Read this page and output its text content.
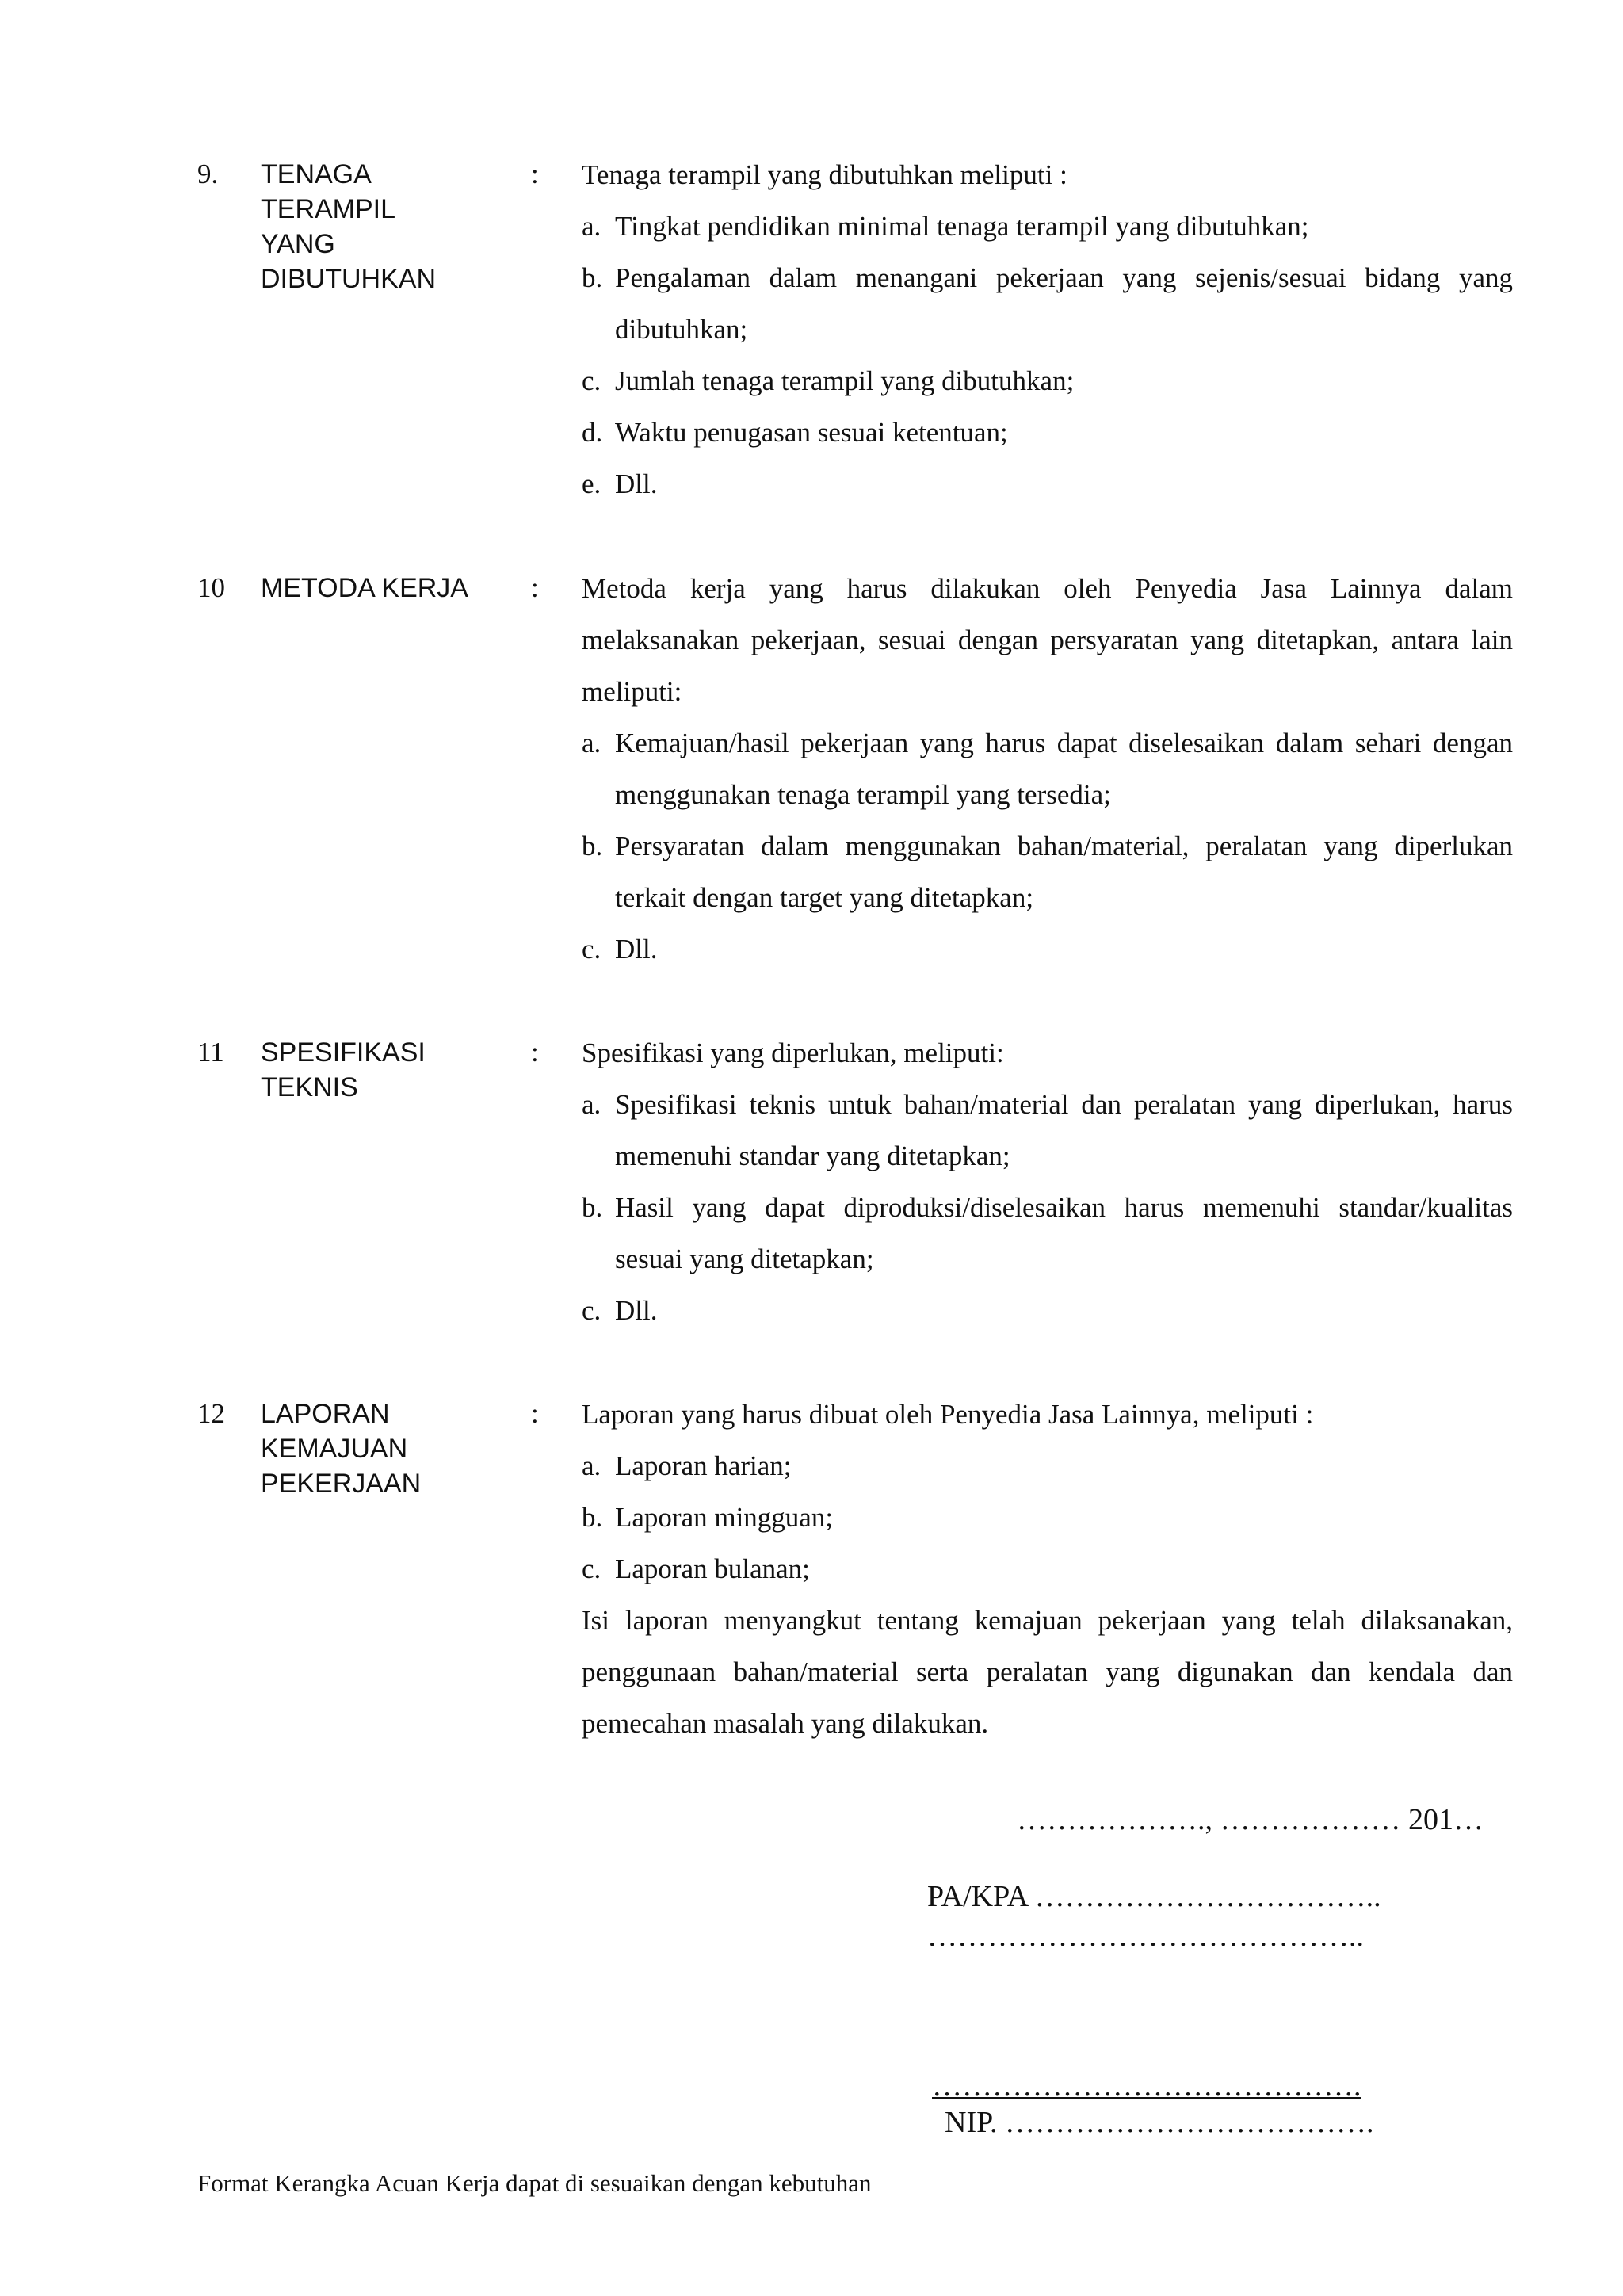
9. TENAGA
TERAMPIL
YANG
DIBUTUHKAN
: Tenaga terampil yang dibutuhkan meliputi :

a. Tingkat pendidikan minimal tenaga terampil yang dibutuhkan;
b. Pengalaman dalam menangani pekerjaan yang sejenis/sesuai bidang yang dibutuhkan;
c. Jumlah tenaga terampil yang dibutuhkan;
d. Waktu penugasan sesuai ketentuan;
e. Dll.
10 METODA KERJA	: Metoda kerja yang harus dilakukan oleh Penyedia Jasa Lainnya dalam melaksanakan pekerjaan, sesuai dengan persyaratan yang ditetapkan, antara lain meliputi:

a. Kemajuan/hasil pekerjaan yang harus dapat diselesaikan dalam sehari dengan menggunakan tenaga terampil yang tersedia;
b. Persyaratan dalam menggunakan bahan/material, peralatan yang diperlukan terkait dengan target yang ditetapkan;
c. Dll.
11 SPESIFIKASI
TEKNIS
: Spesifikasi yang diperlukan, meliputi:

a. Spesifikasi teknis untuk bahan/material dan peralatan yang diperlukan, harus memenuhi standar yang ditetapkan;
b. Hasil yang dapat diproduksi/diselesaikan harus memenuhi standar/kualitas sesuai yang ditetapkan;
c. Dll.
12 LAPORAN
KEMAJUAN
PEKERJAAN
: Laporan yang harus dibuat oleh Penyedia Jasa Lainnya, meliputi :

a. Laporan harian;
b. Laporan mingguan;
c. Laporan bulanan;

Isi laporan menyangkut tentang kemajuan pekerjaan yang telah dilaksanakan, penggunaan bahan/material serta peralatan yang digunakan dan kendala dan pemecahan masalah yang dilakukan.

………………., ……………… 201…
PA/KPA ……………………………..
……………………………………..
…………………………………….
NIP. ……………………………….
Format Kerangka Acuan Kerja dapat di sesuaikan dengan kebutuhan
